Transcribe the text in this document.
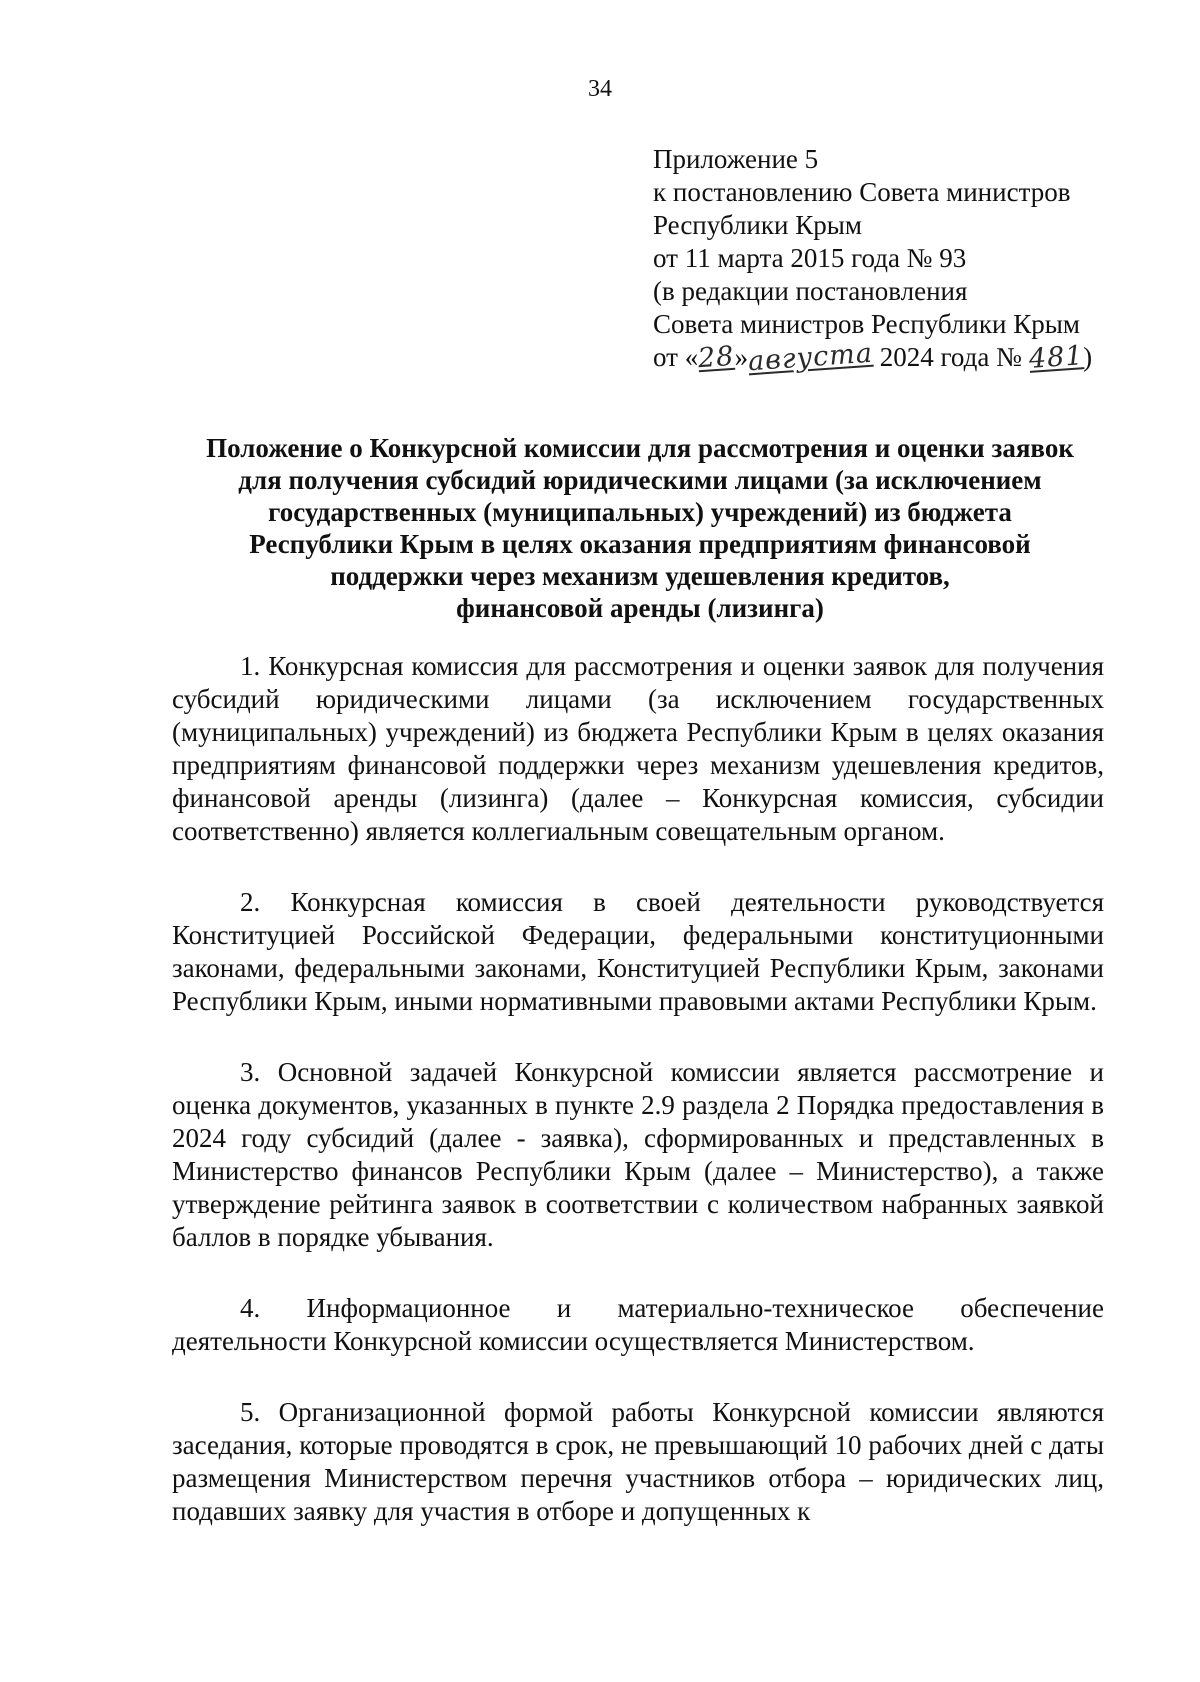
34
Приложение 5
к постановлению Совета министров
Республики Крым
от 11 марта 2015 года № 93
(в редакции постановления
Совета министров Республики Крым
от «28»августа 2024 года № 481)
Положение о Конкурсной комиссии для рассмотрения и оценки заявок
для получения субсидий юридическими лицами (за исключением
государственных (муниципальных) учреждений) из бюджета
Республики Крым в целях оказания предприятиям финансовой
поддержки через механизм удешевления кредитов,
финансовой аренды (лизинга)

1. Конкурсная комиссия для рассмотрения и оценки заявок для получения субсидий юридическими лицами (за исключением государственных (муниципальных) учреждений) из бюджета Республики Крым в целях оказания предприятиям финансовой поддержки через механизм удешевления кредитов, финансовой аренды (лизинга) (далее – Конкурсная комиссия, субсидии соответственно) является коллегиальным совещательным органом.

2. Конкурсная комиссия в своей деятельности руководствуется Конституцией Российской Федерации, федеральными конституционными законами, федеральными законами, Конституцией Республики Крым, законами Республики Крым, иными нормативными правовыми актами Республики Крым.

3. Основной задачей Конкурсной комиссии является рассмотрение и оценка документов, указанных в пункте 2.9 раздела 2 Порядка предоставления в 2024 году субсидий (далее - заявка), сформированных и представленных в Министерство финансов Республики Крым (далее – Министерство), а также утверждение рейтинга заявок в соответствии с количеством набранных заявкой баллов в порядке убывания.

4. Информационное и материально-техническое обеспечение деятельности Конкурсной комиссии осуществляется Министерством.

5. Организационной формой работы Конкурсной комиссии являются заседания, которые проводятся в срок, не превышающий 10 рабочих дней с даты размещения Министерством перечня участников отбора – юридических лиц, подавших заявку для участия в отборе и допущенных к
